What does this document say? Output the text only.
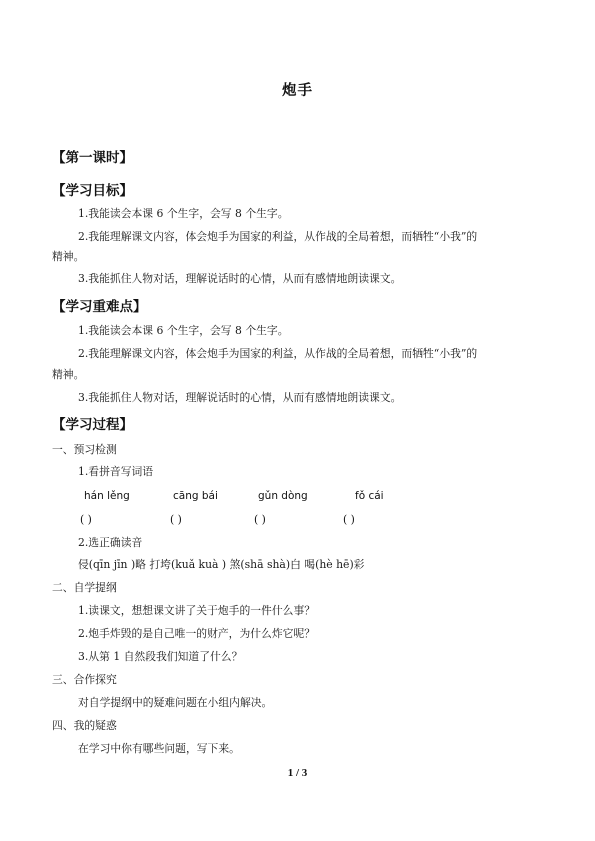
炮手
【第一课时】
【学习目标】
1.我能读会本课 6 个生字，会写 8 个生字。
2.我能理解课文内容，体会炮手为国家的利益，从作战的全局着想，而牺牲“小我”的
精神。
3.我能抓住人物对话，理解说话时的心情，从而有感情地朗读课文。
【学习重难点】
1.我能读会本课 6 个生字，会写 8 个生字。
2.我能理解课文内容，体会炮手为国家的利益，从作战的全局着想，而牺牲“小我”的
精神。
3.我能抓住人物对话，理解说话时的心情，从而有感情地朗读课文。
【学习过程】
一、预习检测
1.看拼音写词语
hán lěng	cāng bái	gǔn dòng	fǒ cái
( )	( )	( )	( )
2.选正确读音
侵(qīn jīn )略 打垮(kuǎ kuà ) 煞(shā shà)白 喝(hè hē)彩
二、自学提纲
1.读课文，想想课文讲了关于炮手的一件什么事？
2.炮手炸毁的是自己唯一的财产，为什么炸它呢？
3.从第 1 自然段我们知道了什么？
三、合作探究
对自学提纲中的疑难问题在小组内解决。
四、我的疑惑
在学习中你有哪些问题，写下来。
1 / 3
